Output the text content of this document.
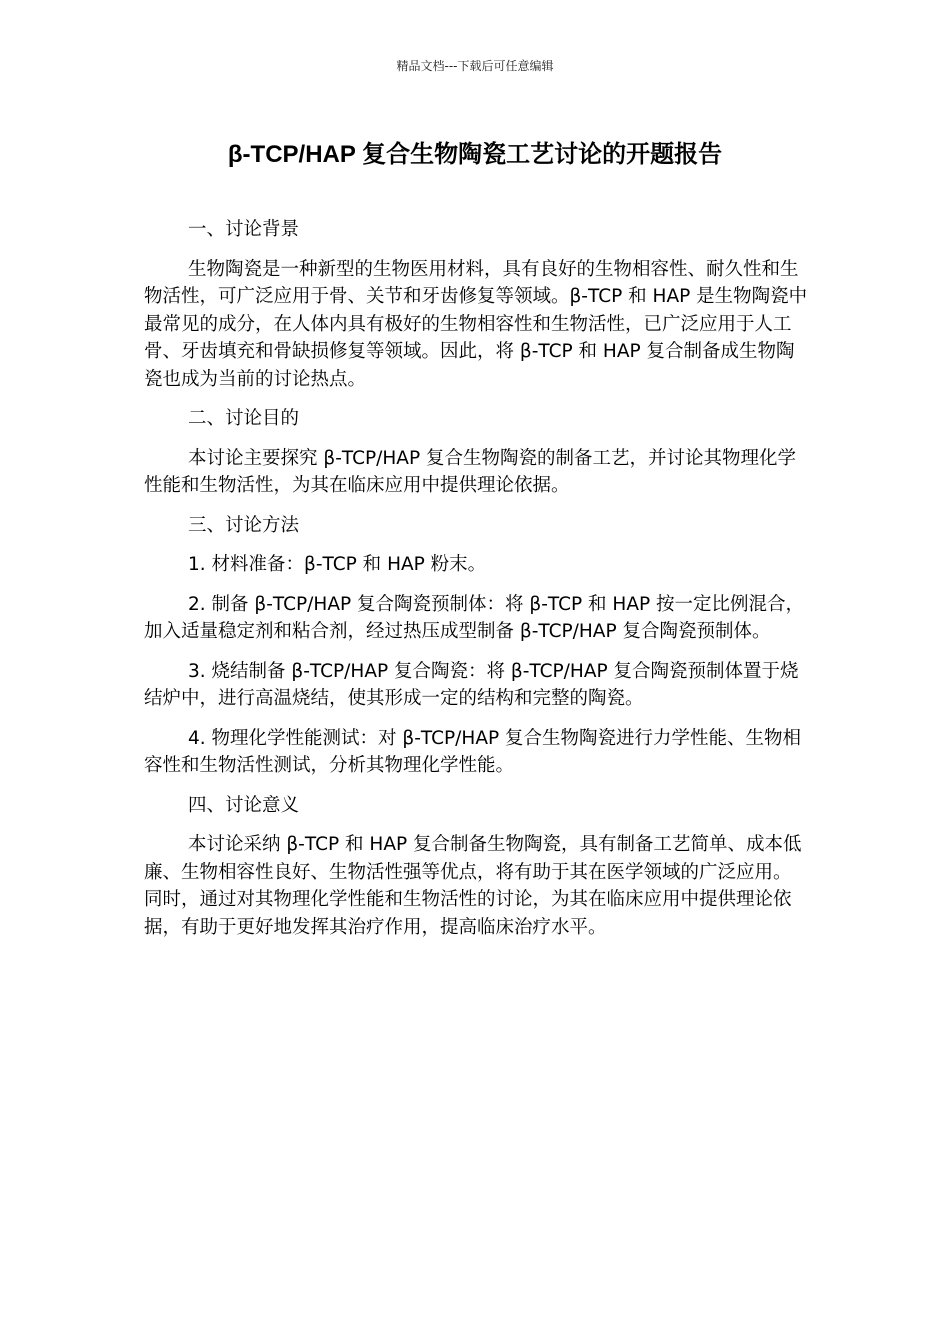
精品文档---下载后可任意编辑
β-TCP/HAP 复合生物陶瓷工艺讨论的开题报告

一、讨论背景

生物陶瓷是一种新型的生物医用材料，具有良好的生物相容性、耐久性和生物活性，可广泛应用于骨、关节和牙齿修复等领域。β-TCP 和 HAP 是生物陶瓷中最常见的成分，在人体内具有极好的生物相容性和生物活性，已广泛应用于人工骨、牙齿填充和骨缺损修复等领域。因此，将 β-TCP 和 HAP 复合制备成生物陶瓷也成为当前的讨论热点。

二、讨论目的

本讨论主要探究 β-TCP/HAP 复合生物陶瓷的制备工艺，并讨论其物理化学性能和生物活性，为其在临床应用中提供理论依据。

三、讨论方法

1. 材料准备：β-TCP 和 HAP 粉末。

2. 制备 β-TCP/HAP 复合陶瓷预制体：将 β-TCP 和 HAP 按一定比例混合，加入适量稳定剂和粘合剂，经过热压成型制备 β-TCP/HAP 复合陶瓷预制体。

3. 烧结制备 β-TCP/HAP 复合陶瓷：将 β-TCP/HAP 复合陶瓷预制体置于烧结炉中，进行高温烧结，使其形成一定的结构和完整的陶瓷。

4. 物理化学性能测试：对 β-TCP/HAP 复合生物陶瓷进行力学性能、生物相容性和生物活性测试，分析其物理化学性能。

四、讨论意义

本讨论采纳 β-TCP 和 HAP 复合制备生物陶瓷，具有制备工艺简单、成本低廉、生物相容性良好、生物活性强等优点，将有助于其在医学领域的广泛应用。同时，通过对其物理化学性能和生物活性的讨论，为其在临床应用中提供理论依据，有助于更好地发挥其治疗作用，提高临床治疗水平。
